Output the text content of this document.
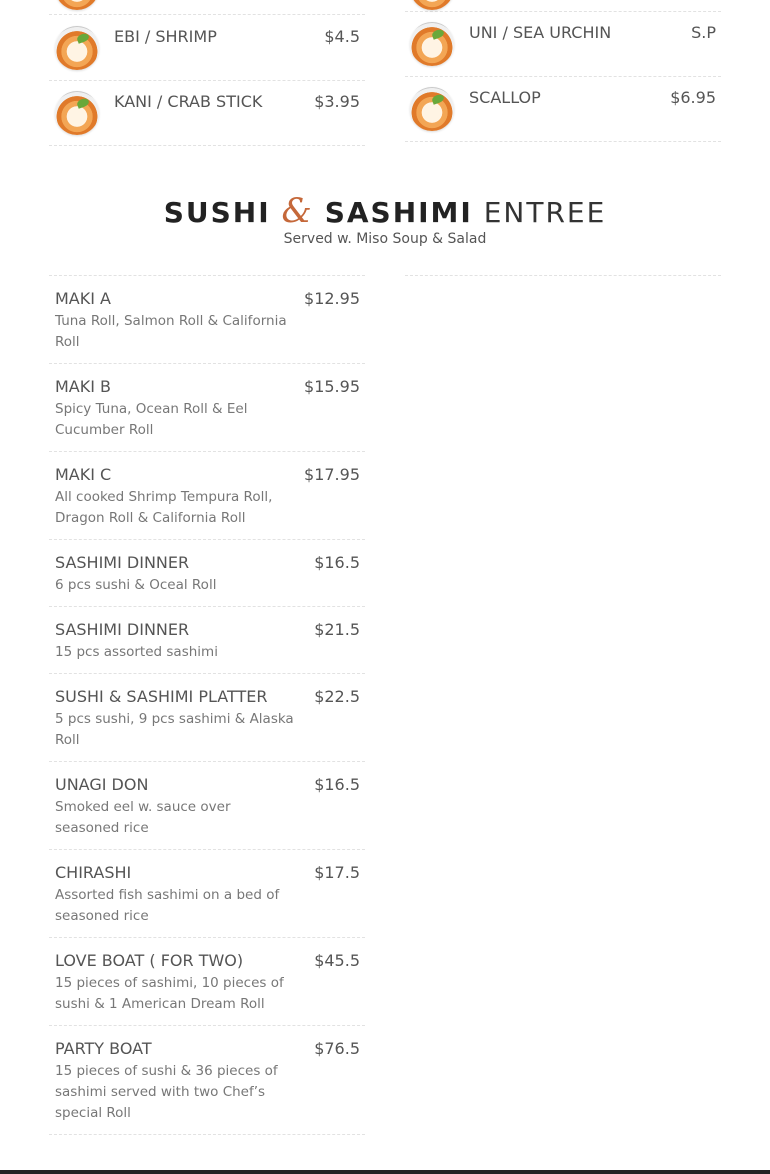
EBI / SHRIMP	$4.5
KANI / CRAB STICK	$3.95
UNI / SEA URCHIN	S.P
SCALLOP	$6.95
SUSHI & SASHIMI ENTREE
Served w. Miso Soup & Salad
MAKI A
Tuna Roll, Salmon Roll & California Roll
$12.95
MAKI B
Spicy Tuna, Ocean Roll & Eel Cucumber Roll
$15.95
MAKI C
All cooked Shrimp Tempura Roll, Dragon Roll & California Roll
$17.95
SASHIMI DINNER
6 pcs sushi & Oceal Roll
$16.5
SASHIMI DINNER
15 pcs assorted sashimi
$21.5
SUSHI & SASHIMI PLATTER
5 pcs sushi, 9 pcs sashimi & Alaska Roll
$22.5
UNAGI DON
Smoked eel w. sauce over seasoned rice
$16.5
CHIRASHI
Assorted fish sashimi on a bed of seasoned rice
$17.5
LOVE BOAT ( FOR TWO)
15 pieces of sashimi, 10 pieces of sushi & 1 American Dream Roll
$45.5
PARTY BOAT
15 pieces of sushi & 36 pieces of sashimi served with two Chef’s special Roll
$76.5
